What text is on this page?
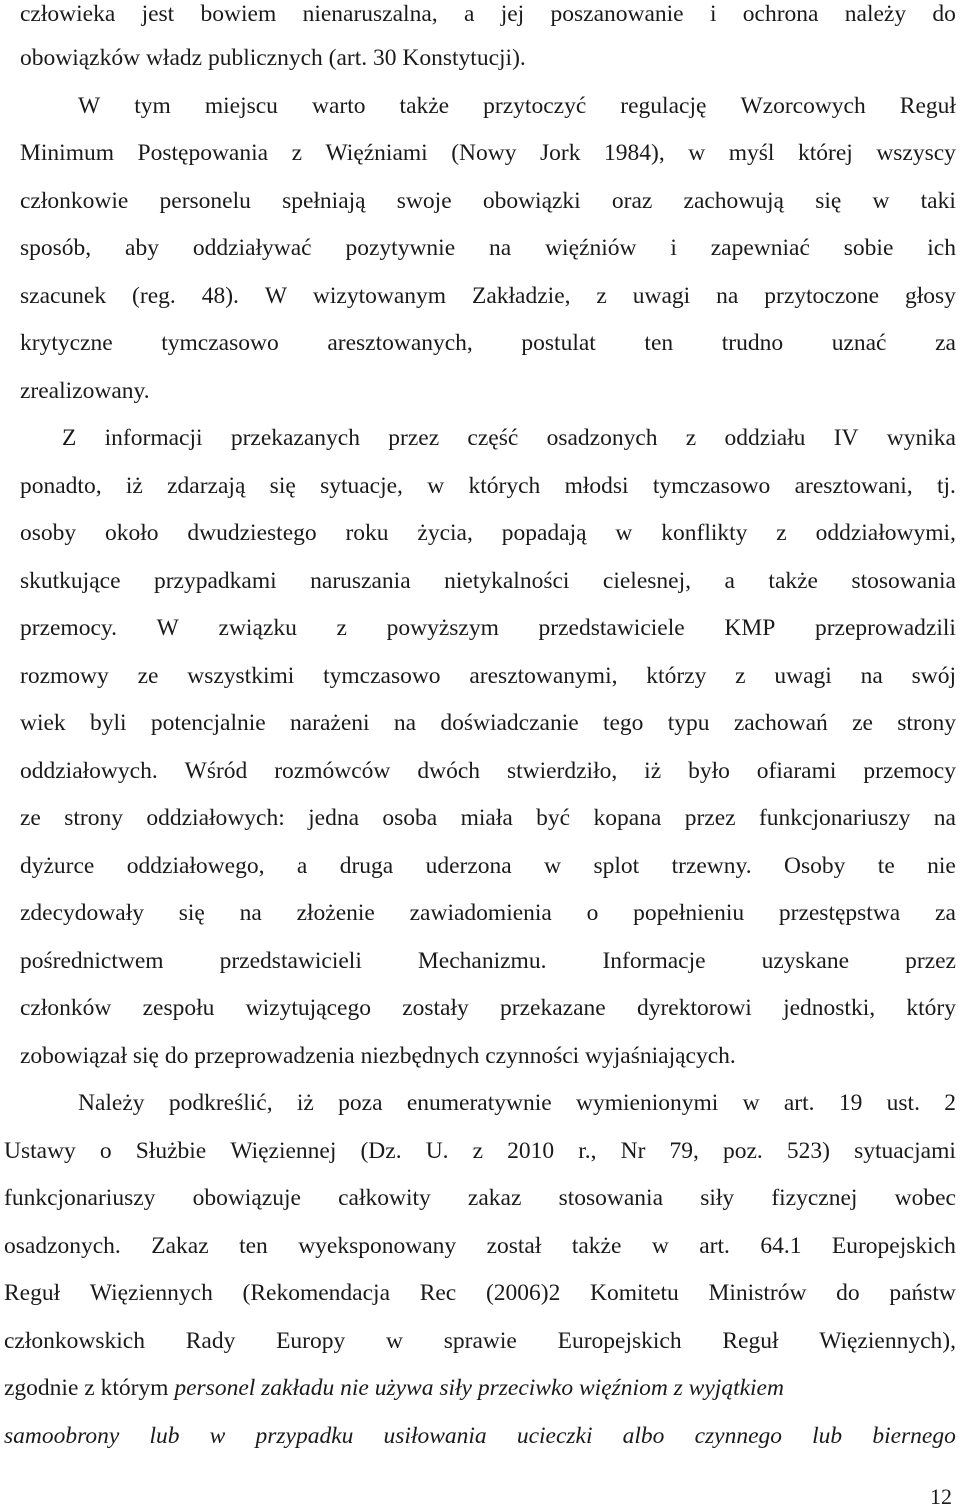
człowieka jest bowiem nienaruszalna, a jej poszanowanie i ochrona należy do
obowiązków władz publicznych (art. 30 Konstytucji).
W tym miejscu warto także przytoczyć regulację Wzorcowych Reguł
Minimum Postępowania z Więźniami (Nowy Jork 1984), w myśl której wszyscy
członkowie personelu spełniają swoje obowiązki oraz zachowują się w taki
sposób, aby oddziaływać pozytywnie na więźniów i zapewniać sobie ich
szacunek (reg. 48). W wizytowanym Zakładzie, z uwagi na przytoczone głosy
krytyczne tymczasowo aresztowanych, postulat ten trudno uznać za
zrealizowany.
Z informacji przekazanych przez część osadzonych z oddziału IV wynika
ponadto, iż zdarzają się sytuacje, w których młodsi tymczasowo aresztowani, tj.
osoby około dwudziestego roku życia, popadają w konflikty z oddziałowymi,
skutkujące przypadkami naruszania nietykalności cielesnej, a także stosowania
przemocy. W związku z powyższym przedstawiciele KMP przeprowadzili
rozmowy ze wszystkimi tymczasowo aresztowanymi, którzy z uwagi na swój
wiek byli potencjalnie narażeni na doświadczanie tego typu zachowań ze strony
oddziałowych. Wśród rozmówców dwóch stwierdziło, iż było ofiarami przemocy
ze strony oddziałowych: jedna osoba miała być kopana przez funkcjonariuszy na
dyżurce oddziałowego, a druga uderzona w splot trzewny. Osoby te nie
zdecydowały się na złożenie zawiadomienia o popełnieniu przestępstwa za
pośrednictwem przedstawicieli Mechanizmu. Informacje uzyskane przez
członków zespołu wizytującego zostały przekazane dyrektorowi jednostki, który
zobowiązał się do przeprowadzenia niezbędnych czynności wyjaśniających.
Należy podkreślić, iż poza enumeratywnie wymienionymi w art. 19 ust. 2
Ustawy o Służbie Więziennej (Dz. U. z 2010 r., Nr 79, poz. 523) sytuacjami
funkcjonariuszy obowiązuje całkowity zakaz stosowania siły fizycznej wobec
osadzonych. Zakaz ten wyeksponowany został także w art. 64.1 Europejskich
Reguł Więziennych (Rekomendacja Rec (2006)2 Komitetu Ministrów do państw
członkowskich Rady Europy w sprawie Europejskich Reguł Więziennych),
zgodnie z którym personel zakładu nie używa siły przeciwko więźniom z wyjątkiem
samoobrony lub w przypadku usiłowania ucieczki albo czynnego lub biernego
12
